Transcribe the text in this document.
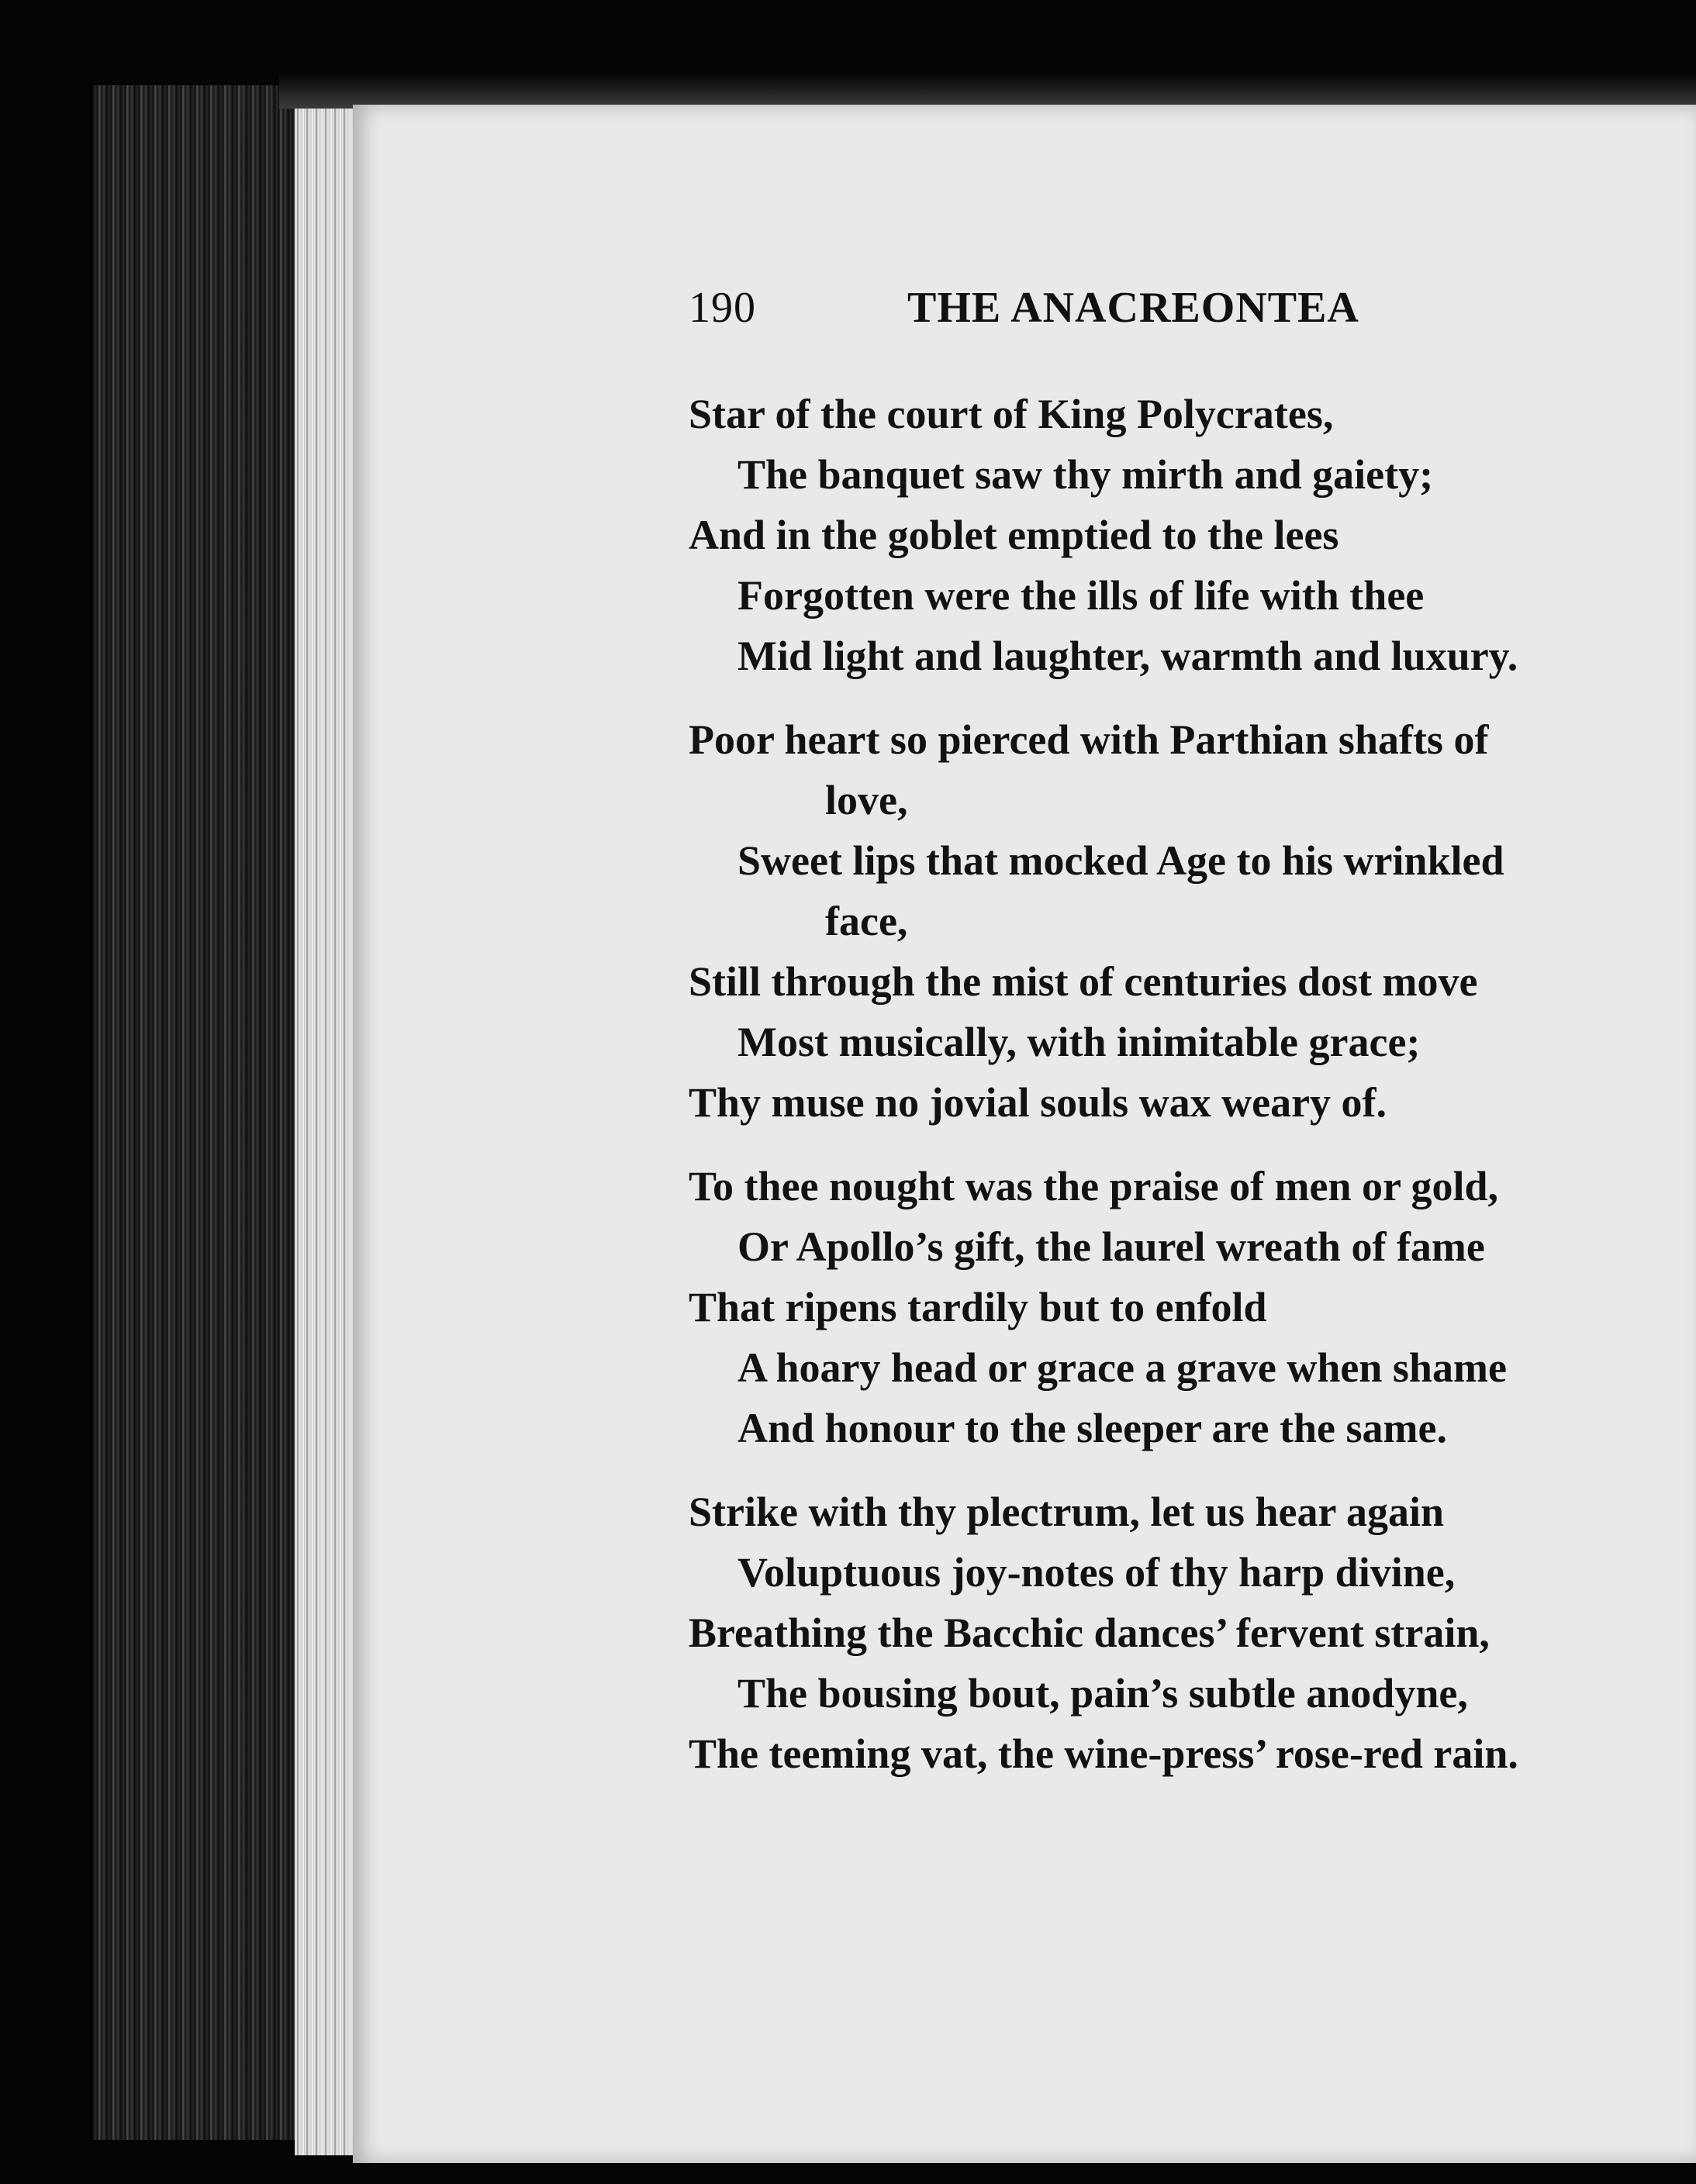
190	THE ANACREONTEA
Star of the court of King Polycrates,
The banquet saw thy mirth and gaiety;
And in the goblet emptied to the lees
Forgotten were the ills of life with thee
Mid light and laughter, warmth and luxury.
Poor heart so pierced with Parthian shafts of
love,
Sweet lips that mocked Age to his wrinkled
face,
Still through the mist of centuries dost move
Most musically, with inimitable grace;
Thy muse no jovial souls wax weary of.
To thee nought was the praise of men or gold,
Or Apollo’s gift, the laurel wreath of fame
That ripens tardily but to enfold
A hoary head or grace a grave when shame
And honour to the sleeper are the same.
Strike with thy plectrum, let us hear again
Voluptuous joy-notes of thy harp divine,
Breathing the Bacchic dances’ fervent strain,
The bousing bout, pain’s subtle anodyne,
The teeming vat, the wine-press’ rose-red rain.
